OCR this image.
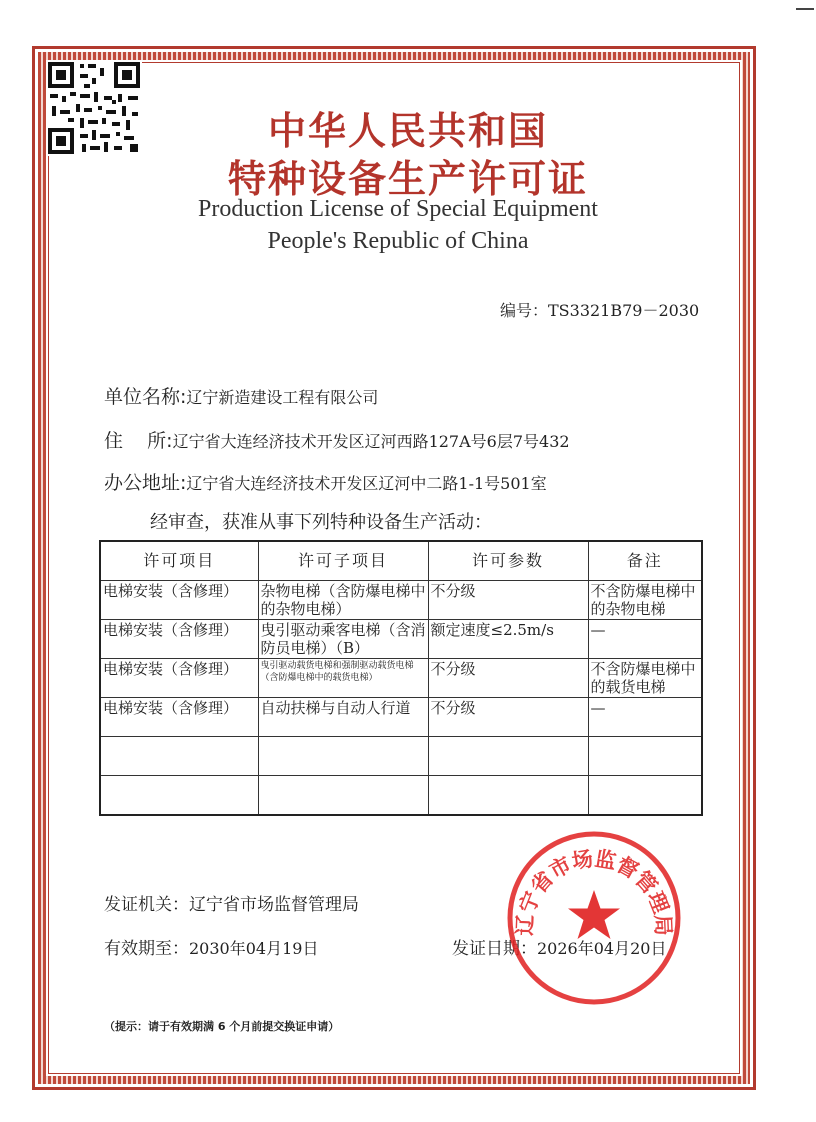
中华人民共和国
特种设备生产许可证
Production License of Special Equipment
People's Republic of China
编号：TS3321B79－2030
单位名称:辽宁新造建设工程有限公司
住    所:辽宁省大连经济技术开发区辽河西路127A号6层7号432
办公地址:辽宁省大连经济技术开发区辽河中二路1-1号501室
经审查，获准从事下列特种设备生产活动：
许可项目	许可子项目	许可参数	备注
电梯安装（含修理）	杂物电梯（含防爆电梯中的杂物电梯）	不分级	不含防爆电梯中的杂物电梯
电梯安装（含修理）	曳引驱动乘客电梯（含消防员电梯）（B）	额定速度≤2.5m/s	—
电梯安装（含修理）	曳引驱动载货电梯和强制驱动载货电梯（含防爆电梯中的载货电梯）	不分级	不含防爆电梯中的载货电梯
电梯安装（含修理）	自动扶梯与自动人行道	不分级	—

发证机关：辽宁省市场监督管理局
有效期至：2030年04月19日	发证日期：2026年04月20日
辽宁省市场监督管理局
（提示：请于有效期满 6 个月前提交换证申请）
